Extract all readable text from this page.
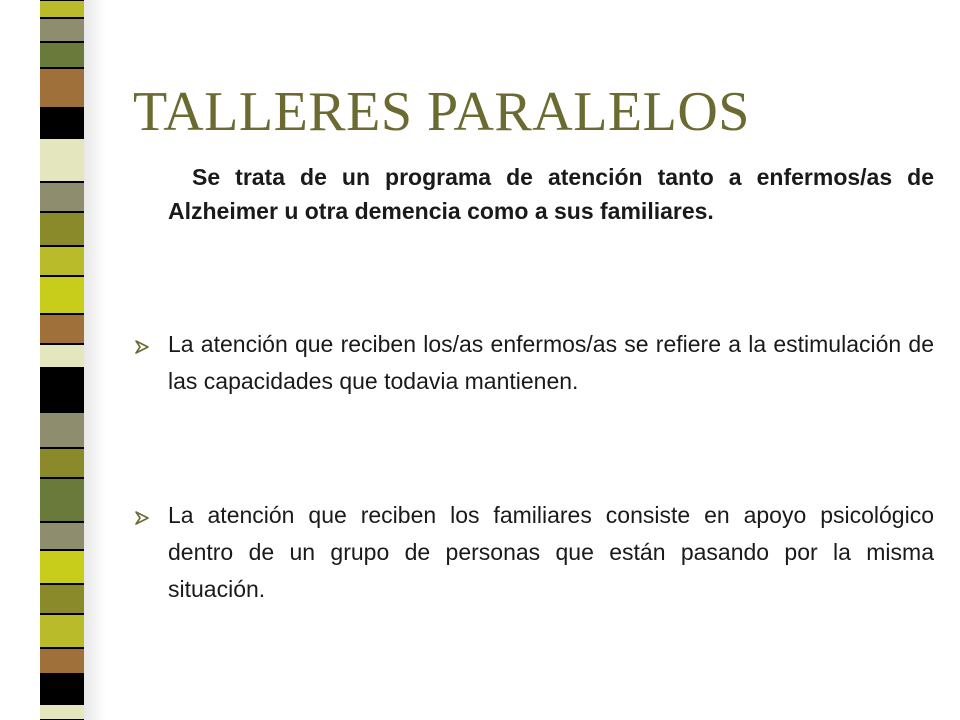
TALLERES PARALELOS

Se trata de un programa de atención tanto a enfermos/as de Alzheimer u otra demencia como a sus familiares.

La atención que reciben los/as enfermos/as se refiere a la estimulación de las capacidades que todavia mantienen.

La atención que reciben los familiares consiste en apoyo psicológico dentro de un grupo de personas que están pasando por la misma situación.
